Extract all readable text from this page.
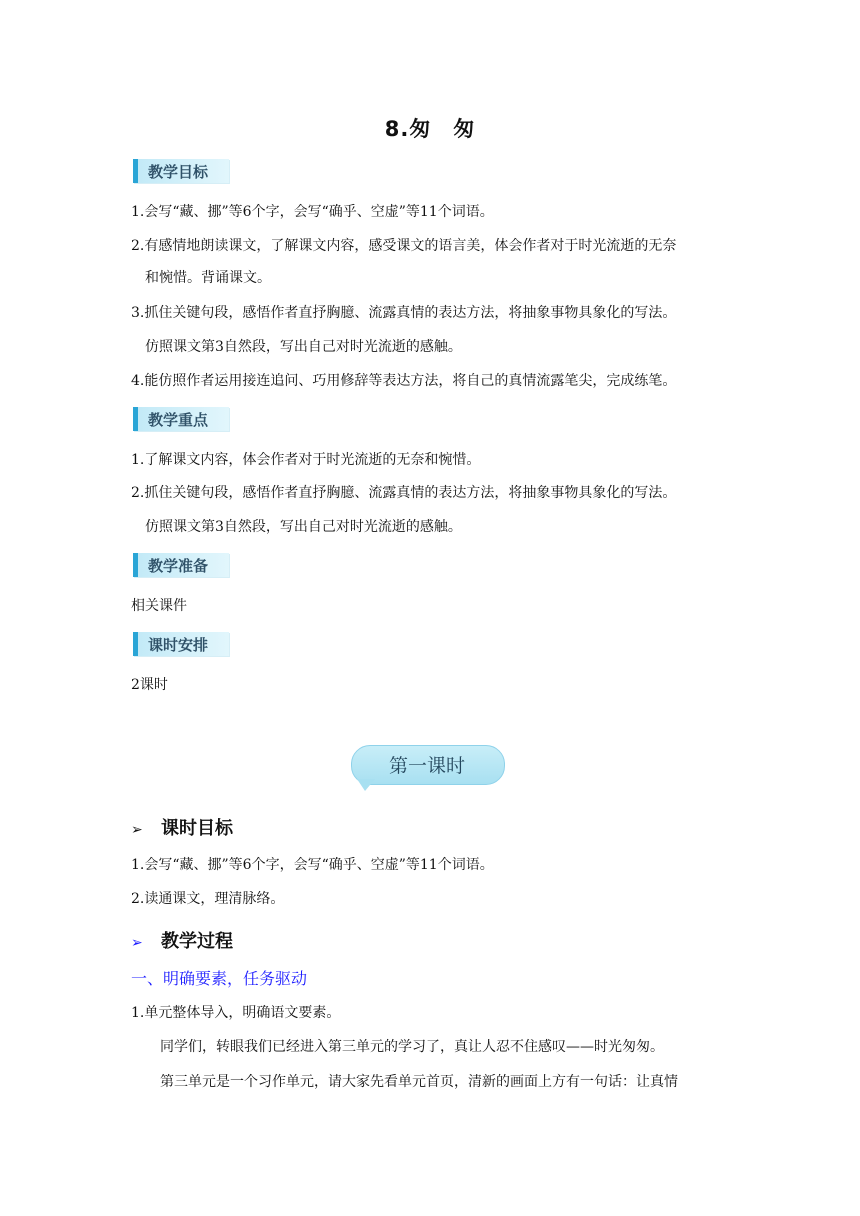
8.匆　匆
教学目标
1.会写“藏、挪”等6个字，会写“确乎、空虚”等11个词语。
2.有感情地朗读课文，了解课文内容，感受课文的语言美，体会作者对于时光流逝的无奈
和惋惜。背诵课文。
3.抓住关键句段，感悟作者直抒胸臆、流露真情的表达方法，将抽象事物具象化的写法。
仿照课文第3自然段，写出自己对时光流逝的感触。
4.能仿照作者运用接连追问、巧用修辞等表达方法，将自己的真情流露笔尖，完成练笔。
教学重点
1.了解课文内容，体会作者对于时光流逝的无奈和惋惜。
2.抓住关键句段，感悟作者直抒胸臆、流露真情的表达方法，将抽象事物具象化的写法。
仿照课文第3自然段，写出自己对时光流逝的感触。
教学准备
相关课件
课时安排
2课时
第一课时
➢ 课时目标
1.会写“藏、挪”等6个字，会写“确乎、空虚”等11个词语。
2.读通课文，理清脉络。
➢ 教学过程
一、明确要素，任务驱动
1.单元整体导入，明确语文要素。
同学们，转眼我们已经进入第三单元的学习了，真让人忍不住感叹——时光匆匆。
第三单元是一个习作单元，请大家先看单元首页，清新的画面上方有一句话：让真情
